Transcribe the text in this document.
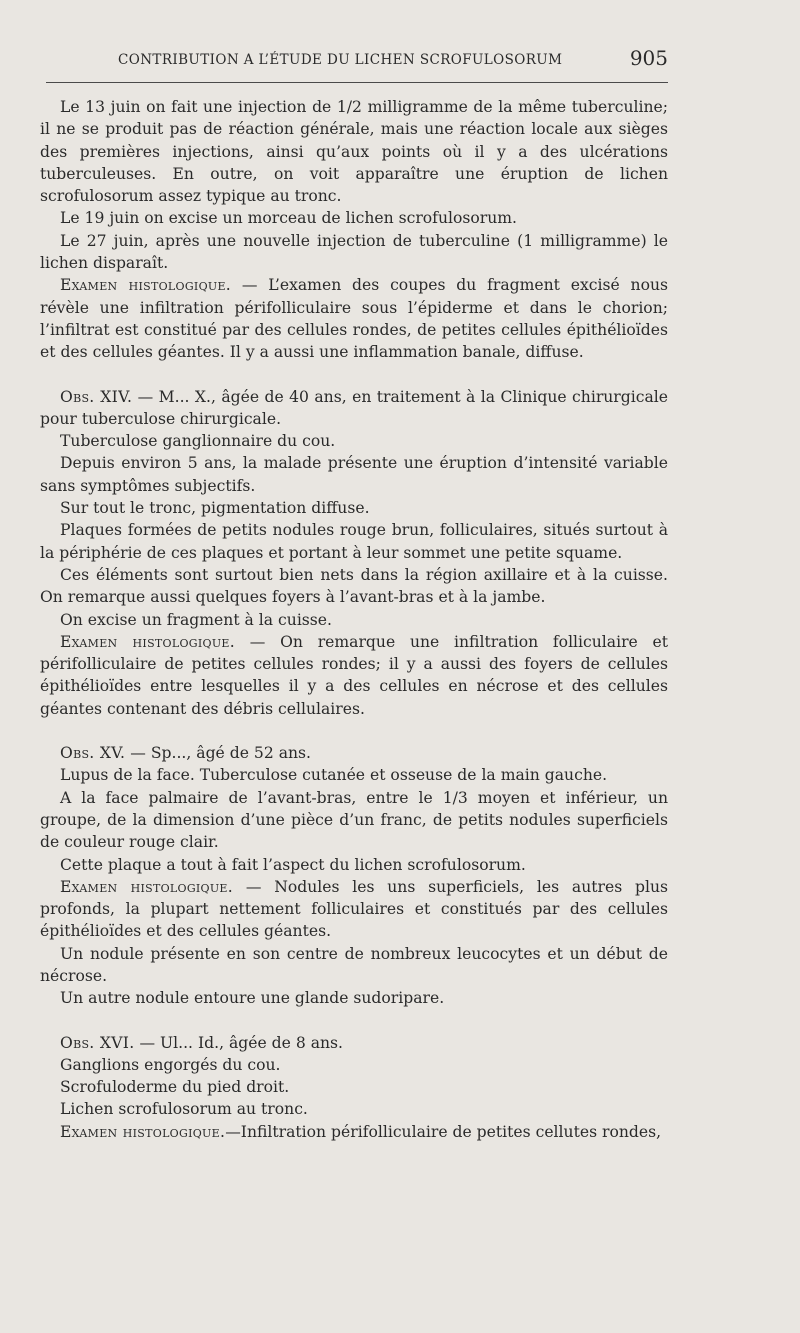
CONTRIBUTION A L’ÉTUDE DU LICHEN SCROFULOSORUM	905

Le 13 juin on fait une injection de 1/2 milligramme de la même tuberculine; il ne se produit pas de réaction générale, mais une réaction locale aux sièges des premières injections, ainsi qu’aux points où il y a des ulcérations tuberculeuses. En outre, on voit apparaître une éruption de lichen scrofulosorum assez typique au tronc.

Le 19 juin on excise un morceau de lichen scrofulosorum.

Le 27 juin, après une nouvelle injection de tuberculine (1 milligramme) le lichen disparaît.

Examen histologique. — L’examen des coupes du fragment excisé nous révèle une infiltration périfolliculaire sous l’épiderme et dans le chorion; l’infiltrat est constitué par des cellules rondes, de petites cellules épithélioïdes et des cellules géantes. Il y a aussi une inflammation banale, diffuse.

Obs. XIV. — M... X., âgée de 40 ans, en traitement à la Clinique chirurgicale pour tuberculose chirurgicale.

Tuberculose ganglionnaire du cou.

Depuis environ 5 ans, la malade présente une éruption d’intensité variable sans symptômes subjectifs.

Sur tout le tronc, pigmentation diffuse.

Plaques formées de petits nodules rouge brun, folliculaires, situés surtout à la périphérie de ces plaques et portant à leur sommet une petite squame.

Ces éléments sont surtout bien nets dans la région axillaire et à la cuisse. On remarque aussi quelques foyers à l’avant-bras et à la jambe.

On excise un fragment à la cuisse.

Examen histologique. — On remarque une infiltration folliculaire et périfolliculaire de petites cellules rondes; il y a aussi des foyers de cellules épithélioïdes entre lesquelles il y a des cellules en nécrose et des cellules géantes contenant des débris cellulaires.

Obs. XV. — Sp..., âgé de 52 ans.

Lupus de la face. Tuberculose cutanée et osseuse de la main gauche.

A la face palmaire de l’avant-bras, entre le 1/3 moyen et inférieur, un groupe, de la dimension d’une pièce d’un franc, de petits nodules superficiels de couleur rouge clair.

Cette plaque a tout à fait l’aspect du lichen scrofulosorum.

Examen histologique. — Nodules les uns superficiels, les autres plus profonds, la plupart nettement folliculaires et constitués par des cellules épithélioïdes et des cellules géantes.

Un nodule présente en son centre de nombreux leucocytes et un début de nécrose.

Un autre nodule entoure une glande sudoripare.

Obs. XVI. — Ul... Id., âgée de 8 ans.

Ganglions engorgés du cou.

Scrofuloderme du pied droit.

Lichen scrofulosorum au tronc.

Examen histologique.—Infiltration périfolliculaire de petites cellutes rondes,
